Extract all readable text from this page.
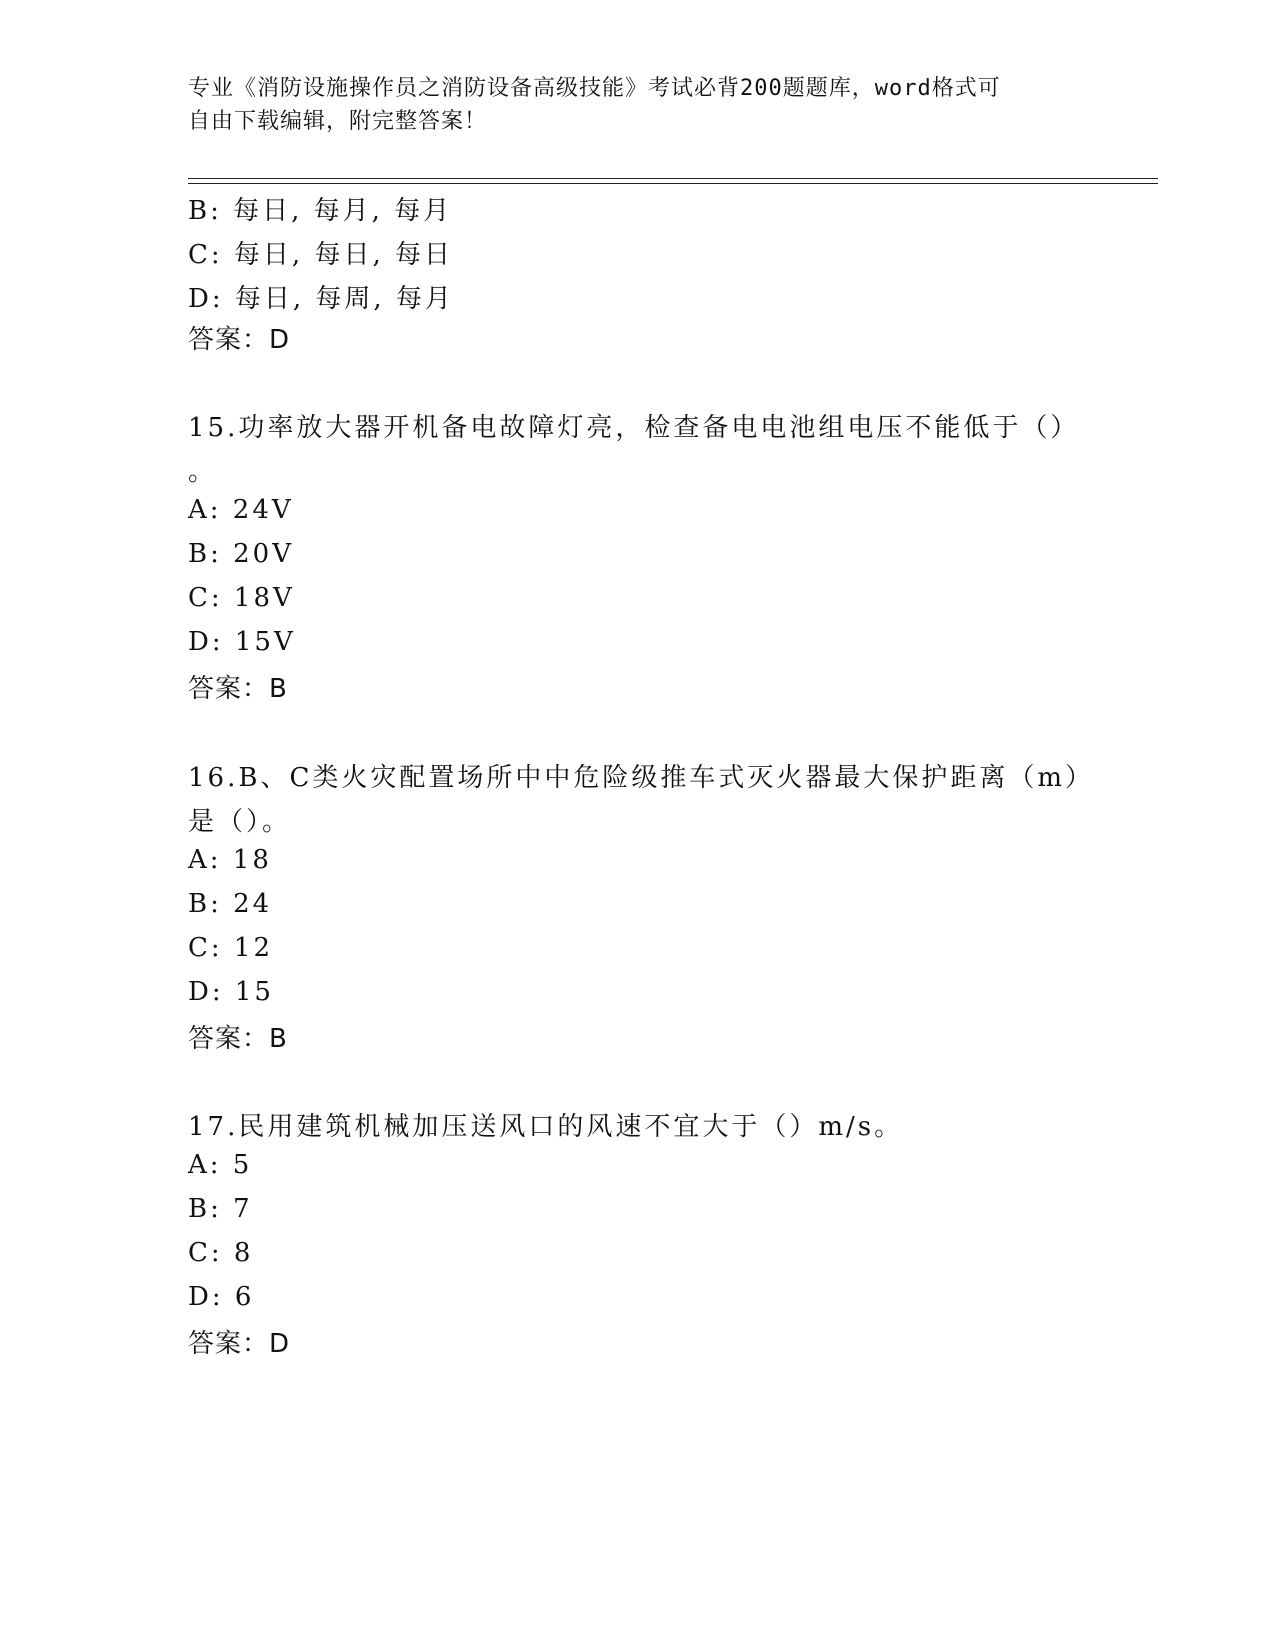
专业《消防设施操作员之消防设备高级技能》考试必背200题题库，word格式可
自由下载编辑，附完整答案！
B: 每日, 每月, 每月
C: 每日, 每日, 每日
D: 每日, 每周, 每月
答案：D
15.功率放大器开机备电故障灯亮，检查备电电池组电压不能低于（）
。
A: 24V
B: 20V
C: 18V
D: 15V
答案：B
16.B、C类火灾配置场所中中危险级推车式灭火器最大保护距离（m）
是（）。
A: 18
B: 24
C: 12
D: 15
答案：B
17.民用建筑机械加压送风口的风速不宜大于（）m/s。
A: 5
B: 7
C: 8
D: 6
答案：D
